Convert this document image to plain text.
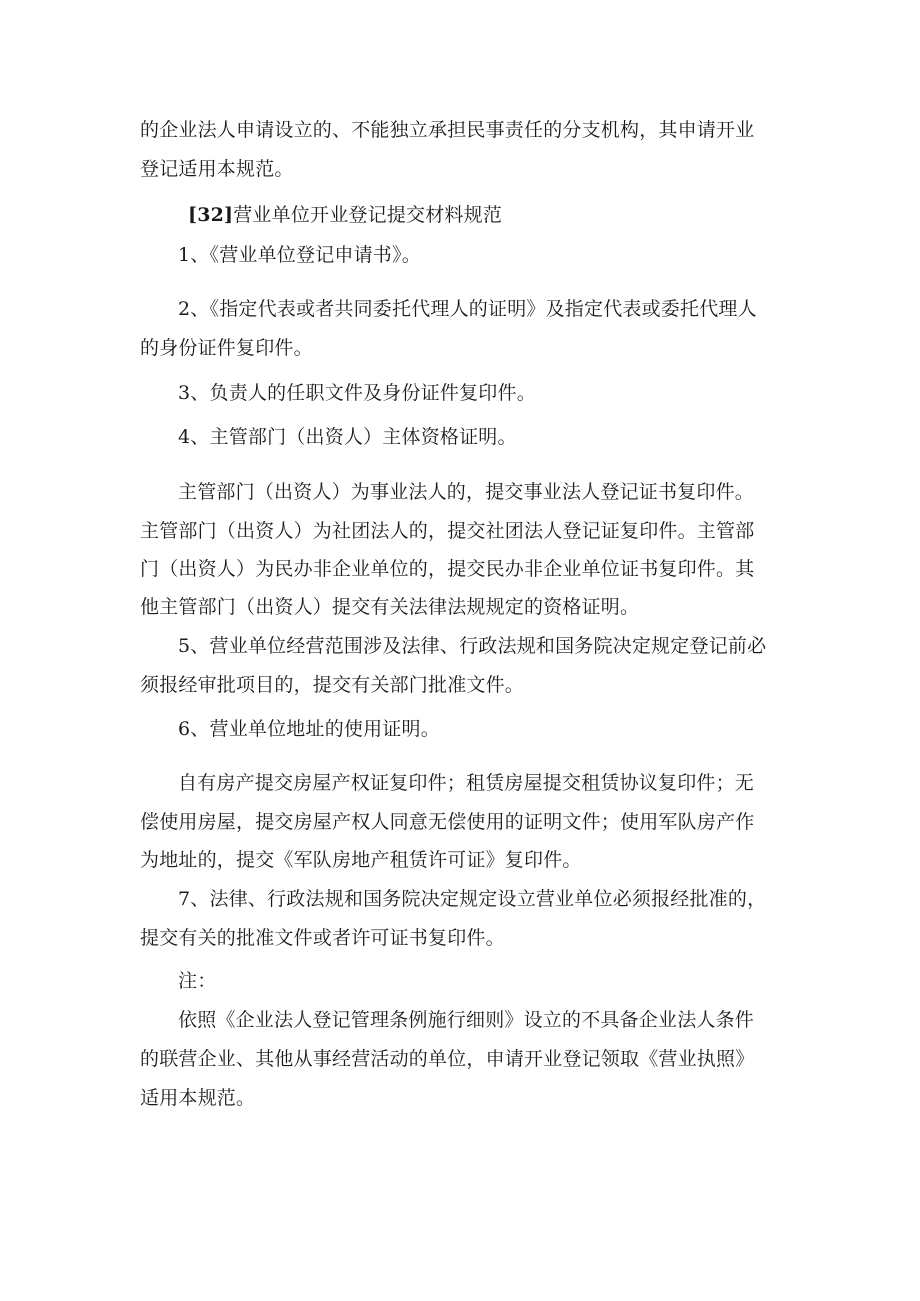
的企业法人申请设立的、不能独立承担民事责任的分支机构，其申请开业
登记适用本规范。
[32]营业单位开业登记提交材料规范
1、《营业单位登记申请书》。
2、《指定代表或者共同委托代理人的证明》及指定代表或委托代理人
的身份证件复印件。
3、负责人的任职文件及身份证件复印件。
4、主管部门（出资人）主体资格证明。
主管部门（出资人）为事业法人的，提交事业法人登记证书复印件。
主管部门（出资人）为社团法人的，提交社团法人登记证复印件。主管部
门（出资人）为民办非企业单位的，提交民办非企业单位证书复印件。其
他主管部门（出资人）提交有关法律法规规定的资格证明。
5、营业单位经营范围涉及法律、行政法规和国务院决定规定登记前必
须报经审批项目的，提交有关部门批准文件。
6、营业单位地址的使用证明。
自有房产提交房屋产权证复印件；租赁房屋提交租赁协议复印件；无
偿使用房屋，提交房屋产权人同意无偿使用的证明文件；使用军队房产作
为地址的，提交《军队房地产租赁许可证》复印件。
7、法律、行政法规和国务院决定规定设立营业单位必须报经批准的，
提交有关的批准文件或者许可证书复印件。
注：
依照《企业法人登记管理条例施行细则》设立的不具备企业法人条件
的联营企业、其他从事经营活动的单位，申请开业登记领取《营业执照》
适用本规范。
